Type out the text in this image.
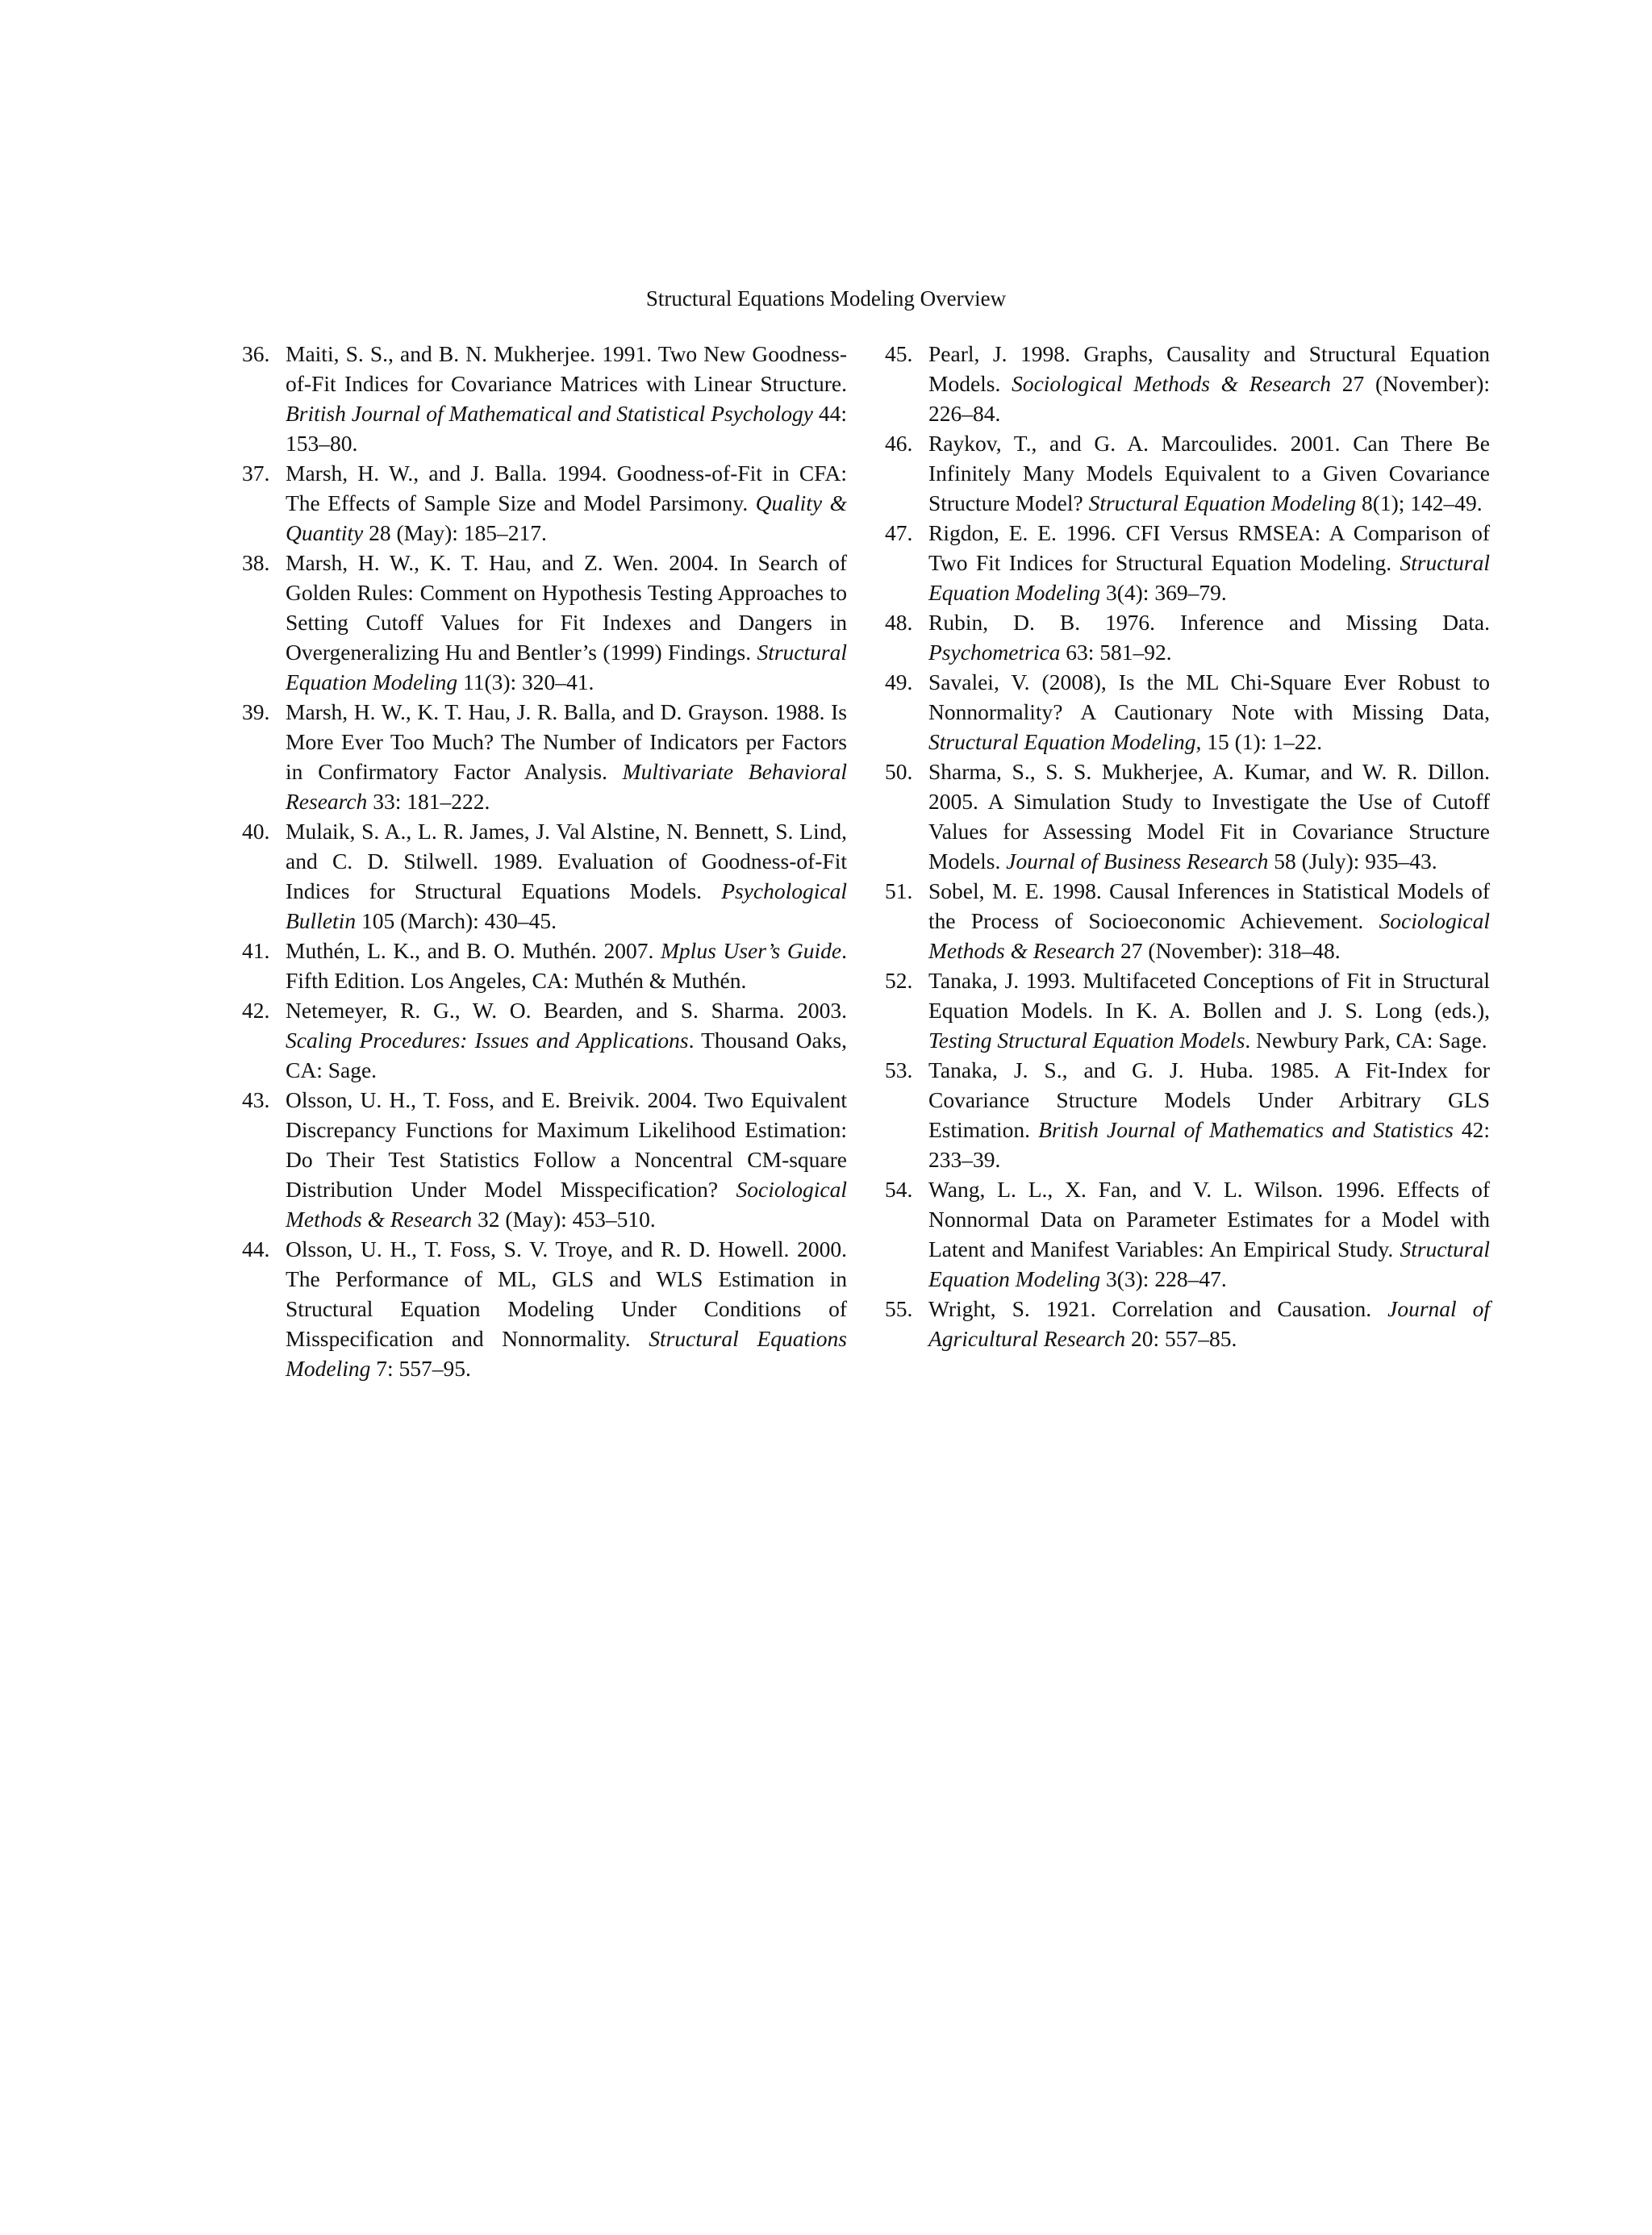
Structural Equations Modeling Overview

36. Maiti, S. S., and B. N. Mukherjee. 1991. Two New Goodness-of-Fit Indices for Covariance Matrices with Linear Structure. British Journal of Mathematical and Statistical Psychology 44: 153–80.

37. Marsh, H. W., and J. Balla. 1994. Goodness-of-Fit in CFA: The Effects of Sample Size and Model Parsimony. Quality & Quantity 28 (May): 185–217.

38. Marsh, H. W., K. T. Hau, and Z. Wen. 2004. In Search of Golden Rules: Comment on Hypothesis Testing Approaches to Setting Cutoff Values for Fit Indexes and Dangers in Overgeneralizing Hu and Bentler’s (1999) Findings. Structural Equation Modeling 11(3): 320–41.

39. Marsh, H. W., K. T. Hau, J. R. Balla, and D. Grayson. 1988. Is More Ever Too Much? The Number of Indicators per Factors in Confirmatory Factor Analysis. Multivariate Behavioral Research 33: 181–222.

40. Mulaik, S. A., L. R. James, J. Val Alstine, N. Bennett, S. Lind, and C. D. Stilwell. 1989. Evaluation of Goodness-of-Fit Indices for Structural Equations Models. Psychological Bulletin 105 (March): 430–45.

41. Muthén, L. K., and B. O. Muthén. 2007. Mplus User’s Guide. Fifth Edition. Los Angeles, CA: Muthén & Muthén.

42. Netemeyer, R. G., W. O. Bearden, and S. Sharma. 2003. Scaling Procedures: Issues and Applications. Thousand Oaks, CA: Sage.

43. Olsson, U. H., T. Foss, and E. Breivik. 2004. Two Equivalent Discrepancy Functions for Maximum Likelihood Estimation: Do Their Test Statistics Follow a Noncentral CM-square Distribution Under Model Misspecification? Sociological Methods & Research 32 (May): 453–510.

44. Olsson, U. H., T. Foss, S. V. Troye, and R. D. Howell. 2000. The Performance of ML, GLS and WLS Estimation in Structural Equation Modeling Under Conditions of Misspecification and Nonnormality. Structural Equations Modeling 7: 557–95.

45. Pearl, J. 1998. Graphs, Causality and Structural Equation Models. Sociological Methods & Research 27 (November): 226–84.

46. Raykov, T., and G. A. Marcoulides. 2001. Can There Be Infinitely Many Models Equivalent to a Given Covariance Structure Model? Structural Equation Modeling 8(1); 142–49.

47. Rigdon, E. E. 1996. CFI Versus RMSEA: A Comparison of Two Fit Indices for Structural Equation Modeling. Structural Equation Modeling 3(4): 369–79.

48. Rubin, D. B. 1976. Inference and Missing Data. Psychometrica 63: 581–92.

49. Savalei, V. (2008), Is the ML Chi-Square Ever Robust to Nonnormality? A Cautionary Note with Missing Data, Structural Equation Modeling, 15 (1): 1–22.

50. Sharma, S., S. S. Mukherjee, A. Kumar, and W. R. Dillon. 2005. A Simulation Study to Investigate the Use of Cutoff Values for Assessing Model Fit in Covariance Structure Models. Journal of Business Research 58 (July): 935–43.

51. Sobel, M. E. 1998. Causal Inferences in Statistical Models of the Process of Socioeconomic Achievement. Sociological Methods & Research 27 (November): 318–48.

52. Tanaka, J. 1993. Multifaceted Conceptions of Fit in Structural Equation Models. In K. A. Bollen and J. S. Long (eds.), Testing Structural Equation Models. Newbury Park, CA: Sage.

53. Tanaka, J. S., and G. J. Huba. 1985. A Fit-Index for Covariance Structure Models Under Arbitrary GLS Estimation. British Journal of Mathematics and Statistics 42: 233–39.

54. Wang, L. L., X. Fan, and V. L. Wilson. 1996. Effects of Nonnormal Data on Parameter Estimates for a Model with Latent and Manifest Variables: An Empirical Study. Structural Equation Modeling 3(3): 228–47.

55. Wright, S. 1921. Correlation and Causation. Journal of Agricultural Research 20: 557–85.
